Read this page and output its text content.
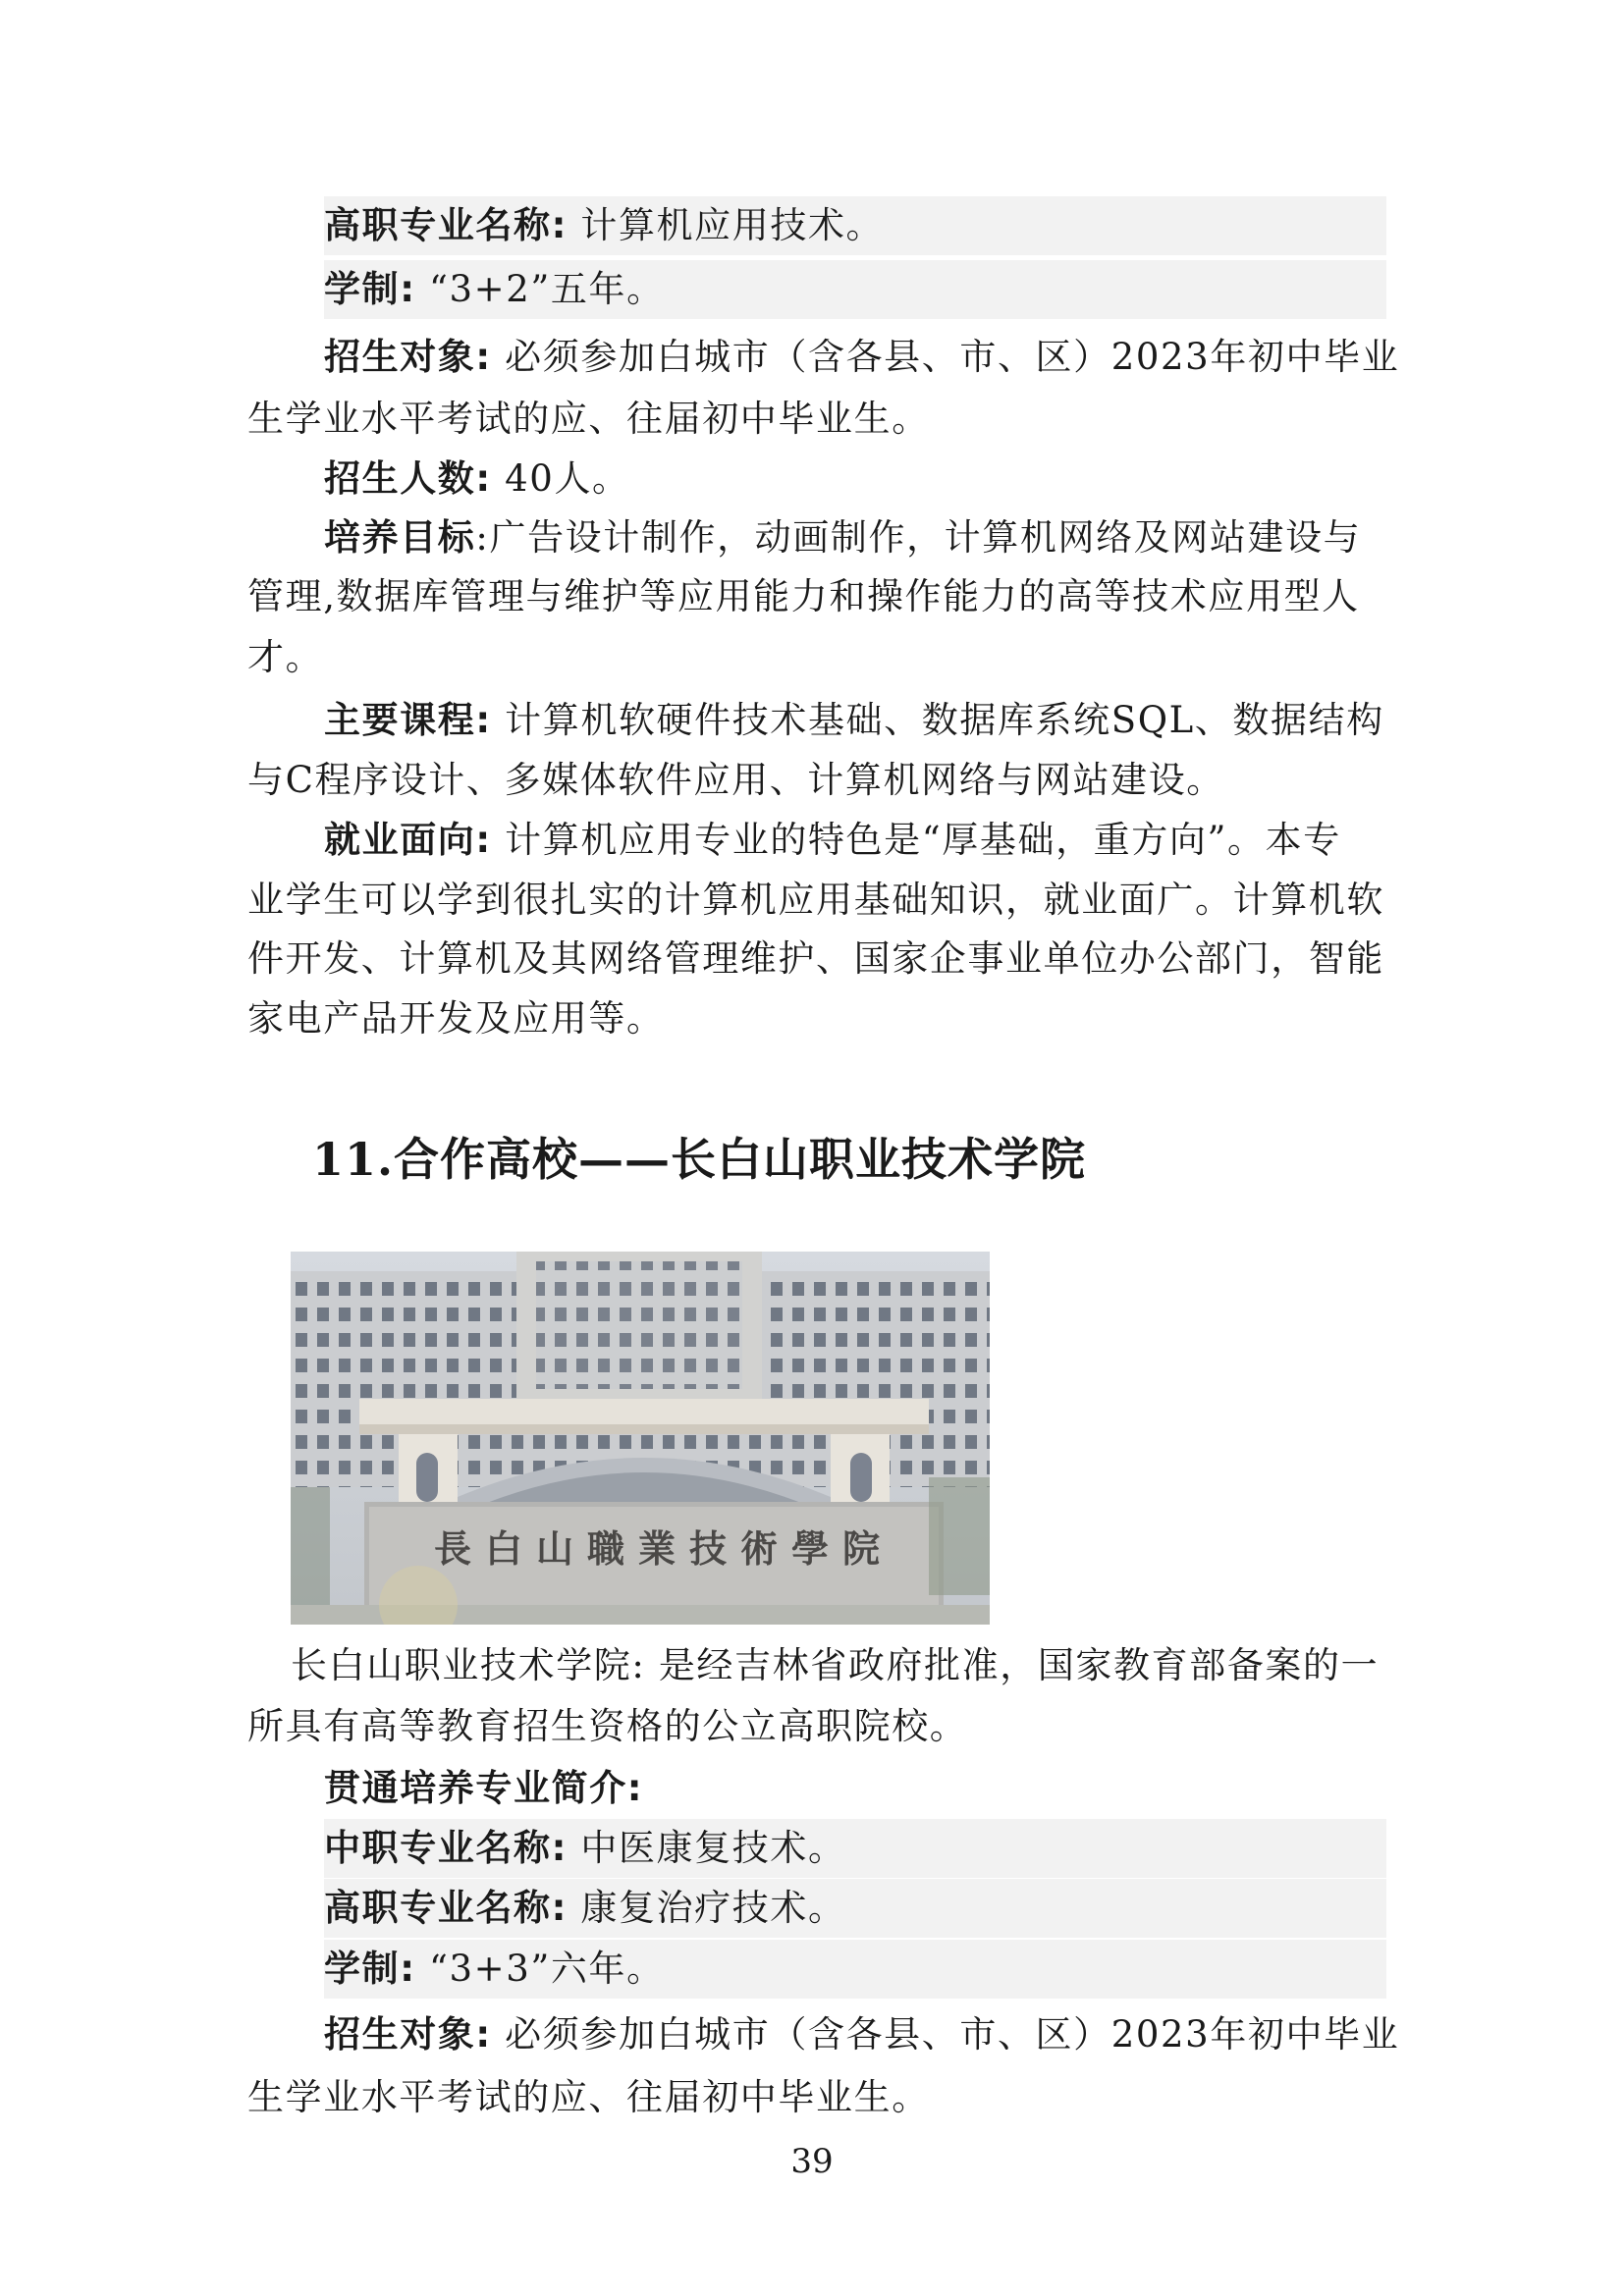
高职专业名称: 计算机应用技术。
学制: “3+2”五年。
招生对象: 必须参加白城市（含各县、市、区）2023年初中毕业
生学业水平考试的应、往届初中毕业生。
招生人数: 40人。
培养目标:广告设计制作，动画制作，计算机网络及网站建设与
管理,数据库管理与维护等应用能力和操作能力的高等技术应用型人
才。
主要课程: 计算机软硬件技术基础、数据库系统SQL、数据结构
与C程序设计、多媒体软件应用、计算机网络与网站建设。
就业面向: 计算机应用专业的特色是“厚基础，重方向”。本专
业学生可以学到很扎实的计算机应用基础知识，就业面广。计算机软
件开发、计算机及其网络管理维护、国家企事业单位办公部门，智能
家电产品开发及应用等。
11.合作高校——长白山职业技术学院
長白山職業技術學院
长白山职业技术学院: 是经吉林省政府批准，国家教育部备案的一
所具有高等教育招生资格的公立高职院校。
贯通培养专业简介:
中职专业名称: 中医康复技术。
高职专业名称: 康复治疗技术。
学制: “3+3”六年。
招生对象: 必须参加白城市（含各县、市、区）2023年初中毕业
生学业水平考试的应、往届初中毕业生。
39
